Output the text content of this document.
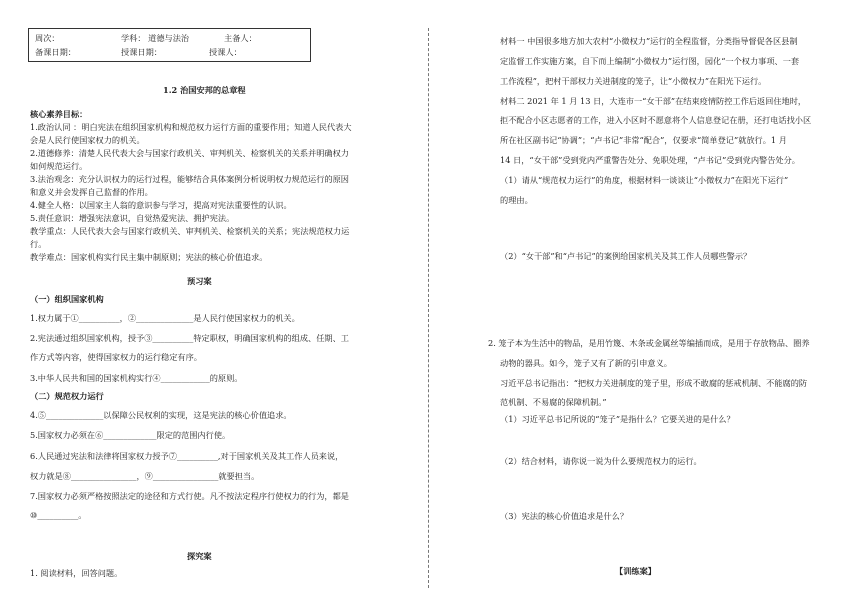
周次：	学科： 道德与法治	主备人：
备课日期：	授课日期：	授课人：
1.2 治国安邦的总章程
核心素养目标：
1.政治认同 ：明白宪法在组织国家机构和规范权力运行方面的重要作用；知道人民代表大
会是人民行使国家权力的机关。
2.道德修养：清楚人民代表大会与国家行政机关、审判机关、检察机关的关系并明确权力
如何规范运行。
3.法治观念：充分认识权力的运行过程，能够结合具体案例分析说明权力规范运行的原因
和意义并会发挥自己监督的作用。
4.健全人格：以国家主人翁的意识参与学习，提高对宪法重要性的认识。
5.责任意识：增强宪法意识，自觉热爱宪法、拥护宪法。
教学重点：人民代表大会与国家行政机关、审判机关、检察机关的关系；宪法规范权力运
行。
教学难点：国家机构实行民主集中制原则；宪法的核心价值追求。
预习案
（一）组织国家机构
1.权力属于①__________，②______________是人民行使国家权力的机关。
2.宪法通过组织国家机构，授予③__________特定职权，明确国家机构的组成、任期、工
作方式等内容，使得国家权力的运行稳定有序。
3.中华人民共和国的国家机构实行④____________的原则。
（二）规范权力运行
4.⑤______________以保障公民权利的实现，这是宪法的核心价值追求。
5.国家权力必须在⑥_____________限定的范围内行使。
6.人民通过宪法和法律将国家权力授予⑦__________,对于国家机关及其工作人员来说，
权力就是⑧________________，⑨________________就要担当。
7.国家权力必须严格按照法定的途径和方式行使。凡不按法定程序行使权力的行为，都是
⑩__________。
探究案
1. 阅读材料，回答问题。
材料一 中国很多地方加大农村“小微权力”运行的全程监督，分类指导督促各区县制
定监督工作实施方案，自下而上编制“小微权力”运行图，园化“一个权力事项、一套
工作流程”，把村干部权力关进制度的笼子，让“小微权力”在阳光下运行。
材料二 2021 年 1 月 13 日，大连市一“女干部”在结束疫情防控工作后返回住地时，
拒不配合小区志愿者的工作，进入小区时不愿意将个人信息登记在册，还打电话找小区
所在社区副书记“协调”；“卢书记”非常“配合”，仅要求“简单登记”就放行。1 月
14 日，“女干部”受到党内严重警告处分、免职处理，“卢书记”受到党内警告处分。
（1）请从“规范权力运行”的角度，根据材料一谈谈让“小微权力”在阳光下运行”
的理由。
（2）“女干部”和“卢书记”的案例给国家机关及其工作人员哪些警示？
2. 笼子本为生活中的物品，是用竹篾、木条或金属丝等编插而成，是用于存放物品、圈养
动物的器具。如今，笼子又有了新的引申意义。
习近平总书记指出：“把权力关进制度的笼子里，形成不敢腐的惩戒机制、不能腐的防
范机制、不易腐的保障机制。”
（1）习近平总书记所说的“笼子”是指什么？它要关进的是什么？
（2）结合材料，请你说一说为什么要规范权力的运行。
（3）宪法的核心价值追求是什么？
【训练案】
